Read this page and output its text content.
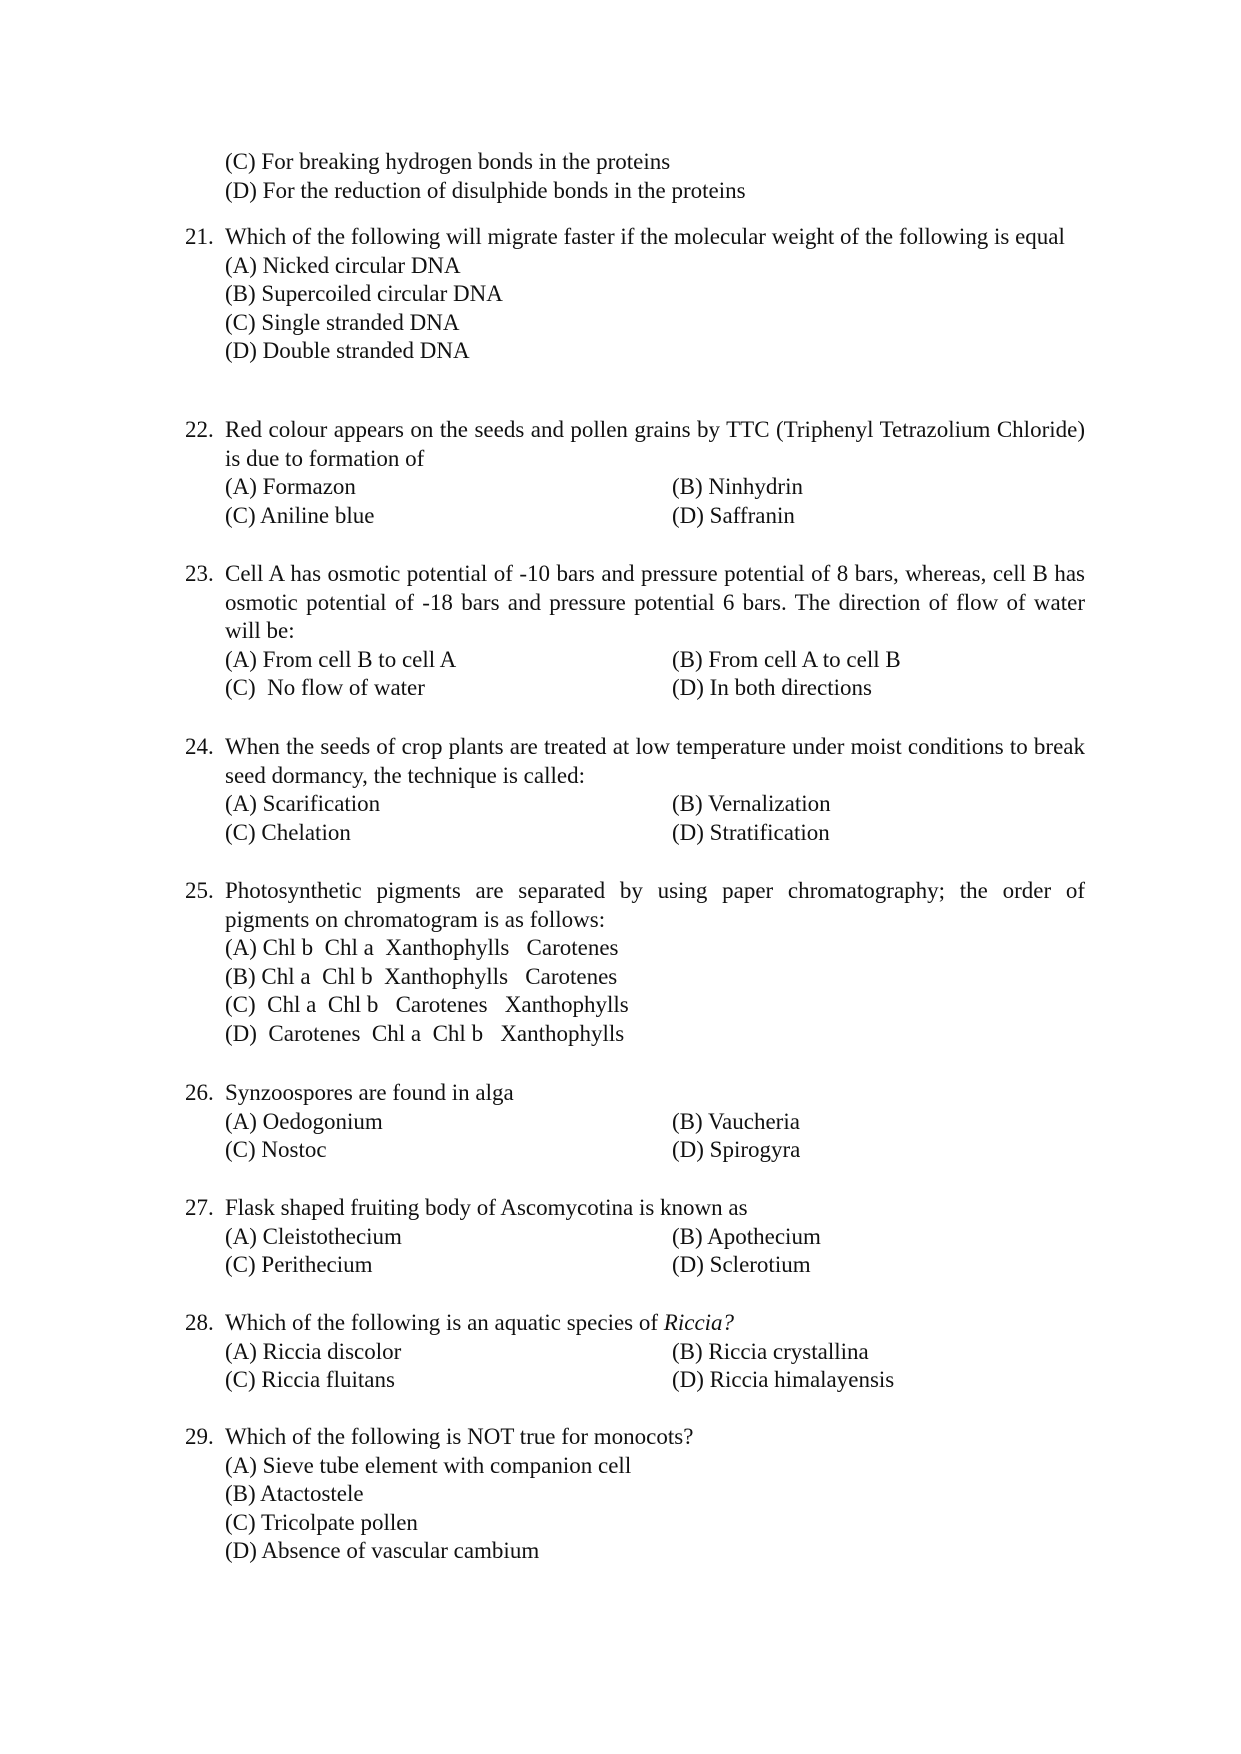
(C) For breaking hydrogen bonds in the proteins
(D) For the reduction of disulphide bonds in the proteins
21. Which of the following will migrate faster if the molecular weight of the following is equal
(A) Nicked circular DNA
(B) Supercoiled circular DNA
(C) Single stranded DNA
(D) Double stranded DNA
22. Red colour appears on the seeds and pollen grains by TTC (Triphenyl Tetrazolium Chloride) is due to formation of
(A) Formazon	(B) Ninhydrin
(C) Aniline blue	(D) Saffranin
23. Cell A has osmotic potential of -10 bars and pressure potential of 8 bars, whereas, cell B has osmotic potential of -18 bars and pressure potential 6 bars. The direction of flow of water will be:
(A) From cell B to cell A	(B) From cell A to cell B
(C)  No flow of water	(D) In both directions
24. When the seeds of crop plants are treated at low temperature under moist conditions to break seed dormancy, the technique is called:
(A) Scarification	(B) Vernalization
(C) Chelation	(D) Stratification
25. Photosynthetic pigments are separated by using paper chromatography; the order of pigments on chromatogram is as follows:
(A) Chl b  Chl a  Xanthophylls   Carotenes
(B) Chl a  Chl b  Xanthophylls   Carotenes
(C)  Chl a  Chl b   Carotenes   Xanthophylls
(D)  Carotenes  Chl a  Chl b   Xanthophylls
26. Synzoospores are found in alga
(A) Oedogonium	(B) Vaucheria
(C) Nostoc	(D) Spirogyra
27. Flask shaped fruiting body of Ascomycotina is known as
(A) Cleistothecium	(B) Apothecium
(C) Perithecium	(D) Sclerotium
28. Which of the following is an aquatic species of Riccia?
(A) Riccia discolor	(B) Riccia crystallina
(C) Riccia fluitans	(D) Riccia himalayensis
29. Which of the following is NOT true for monocots?
(A) Sieve tube element with companion cell
(B) Atactostele
(C) Tricolpate pollen
(D) Absence of vascular cambium
